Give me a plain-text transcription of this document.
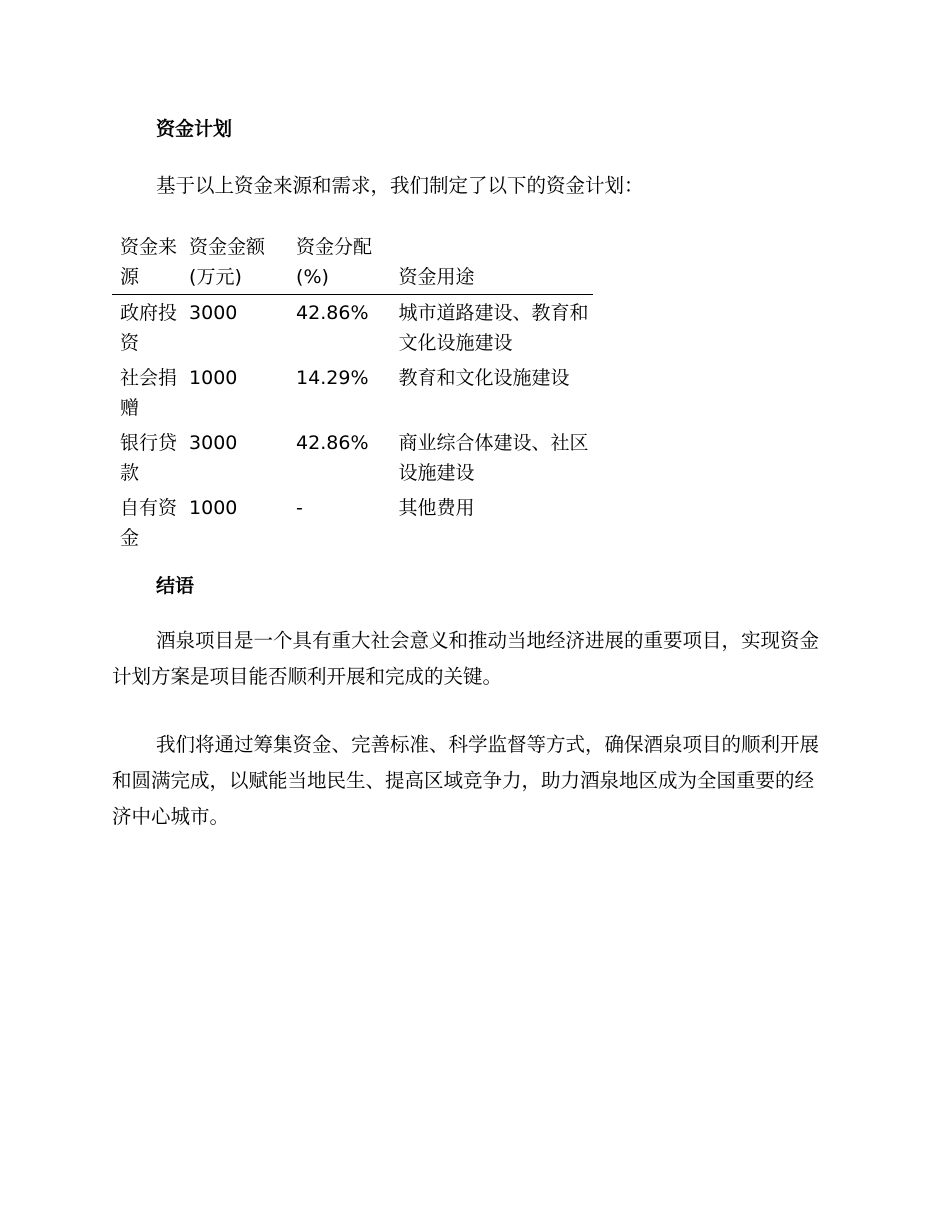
资金计划

基于以上资金来源和需求，我们制定了以下的资金计划：

资金来源	资金金额(万元)	资金分配(%)	资金用途
政府投资	3000	42.86%	城市道路建设、教育和文化设施建设
社会捐赠	1000	14.29%	教育和文化设施建设
银行贷款	3000	42.86%	商业综合体建设、社区设施建设
自有资金	1000	-	其他费用
结语

酒泉项目是一个具有重大社会意义和推动当地经济进展的重要项目，实现资金计划方案是项目能否顺利开展和完成的关键。

我们将通过筹集资金、完善标准、科学监督等方式，确保酒泉项目的顺利开展和圆满完成，以赋能当地民生、提高区域竞争力，助力酒泉地区成为全国重要的经济中心城市。
